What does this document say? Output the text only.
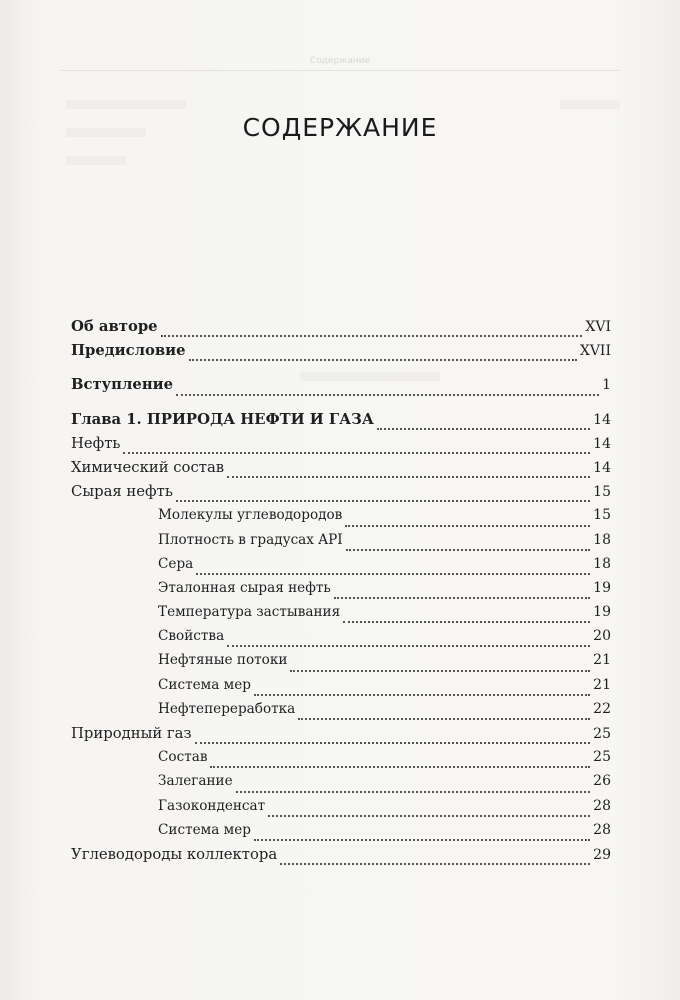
Содержание
СОДЕРЖАНИЕ
Об авторе	XVI
Предисловие	XVII
Вступление	1
Глава 1. ПРИРОДА НЕФТИ И ГАЗА	14
Нефть	14
Химический состав	14
Сырая нефть	15
Молекулы углеводородов	15
Плотность в градусах API	18
Сера	18
Эталонная сырая нефть	19
Температура застывания	19
Свойства	20
Нефтяные потоки	21
Система мер	21
Нефтепереработка	22
Природный газ	25
Состав	25
Залегание	26
Газоконденсат	28
Система мер	28
Углеводороды коллектора	29
